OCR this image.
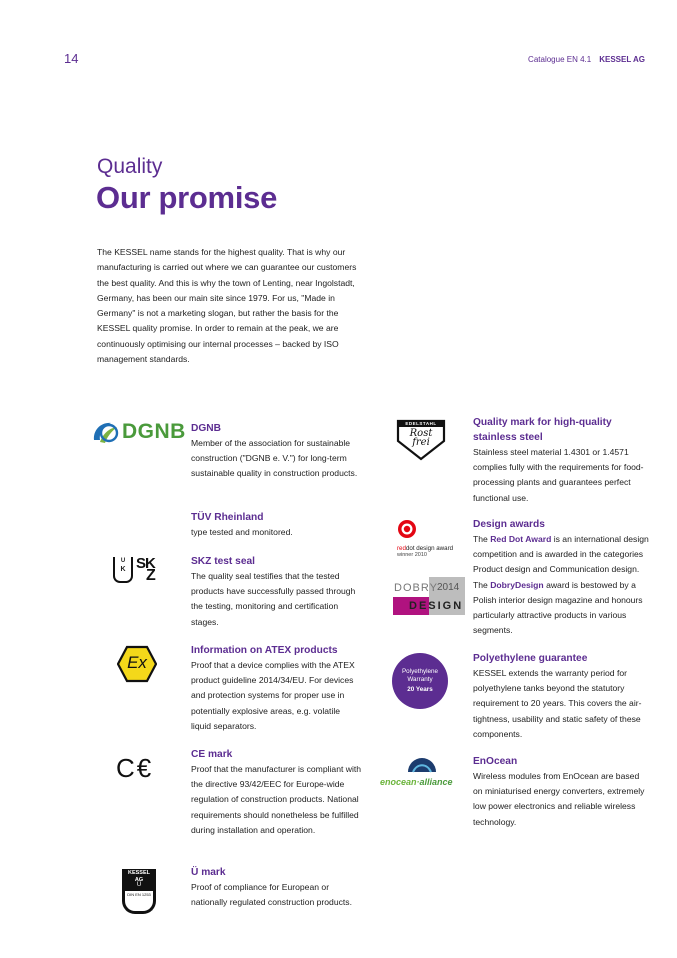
14	Catalogue EN 4.1 KESSEL AG
Quality
Our promise
The KESSEL name stands for the highest quality. That is why our manufacturing is carried out where we can guarantee our customers the best quality. And this is why the town of Lenting, near Ingolstadt, Germany, has been our main site since 1979. For us, "Made in Germany" is not a marketing slogan, but rather the basis for the KESSEL quality promise. In order to remain at the peak, we are continuously optimising our internal processes – backed by ISO management standards.
DGNB
U
K SK
Z
Ex
C€
KESSEL
AG
Ü
DIN EN 1253
DGNB

Member of the association for sustainable construction ("DGNB e. V.") for long-term sustainable quality in construction products.

TÜV Rheinland

type tested and monitored.

SKZ test seal

The quality seal testifies that the tested products have successfully passed through the testing, monitoring and certification stages.

Information on ATEX products

Proof that a device complies with the ATEX product guideline 2014/34/EU. For devices and protection systems for proper use in potentially explosive areas, e.g. volatile liquid separators.

CE mark

Proof that the manufacturer is compliant with the directive 93/42/EEC for Europe-wide regulation of construction products. National requirements should nonetheless be fulfilled during installation and operation.

Ü mark

Proof of compliance for European or nationally regulated construction products.

EDELSTAHL
Rost frei
reddot design award
winner 2010
DOBRY 2014
DESIGN
Polyethylene
Warranty
20 Years
enocean·alliance
Quality mark for high-quality stainless steel

Stainless steel material 1.4301 or 1.4571 complies fully with the requirements for food-processing plants and guarantees perfect functional use.

Design awards

The Red Dot Award is an international design competition and is awarded in the categories Product design and Communication design. The DobryDesign award is bestowed by a Polish interior design magazine and honours particularly attractive products in various segments.

Polyethylene guarantee

KESSEL extends the warranty period for polyethylene tanks beyond the statutory requirement to 20 years. This covers the air-tightness, usability and static safety of these components.

EnOcean

Wireless modules from EnOcean are based on miniaturised energy converters, extremely low power electronics and reliable wireless technology.
